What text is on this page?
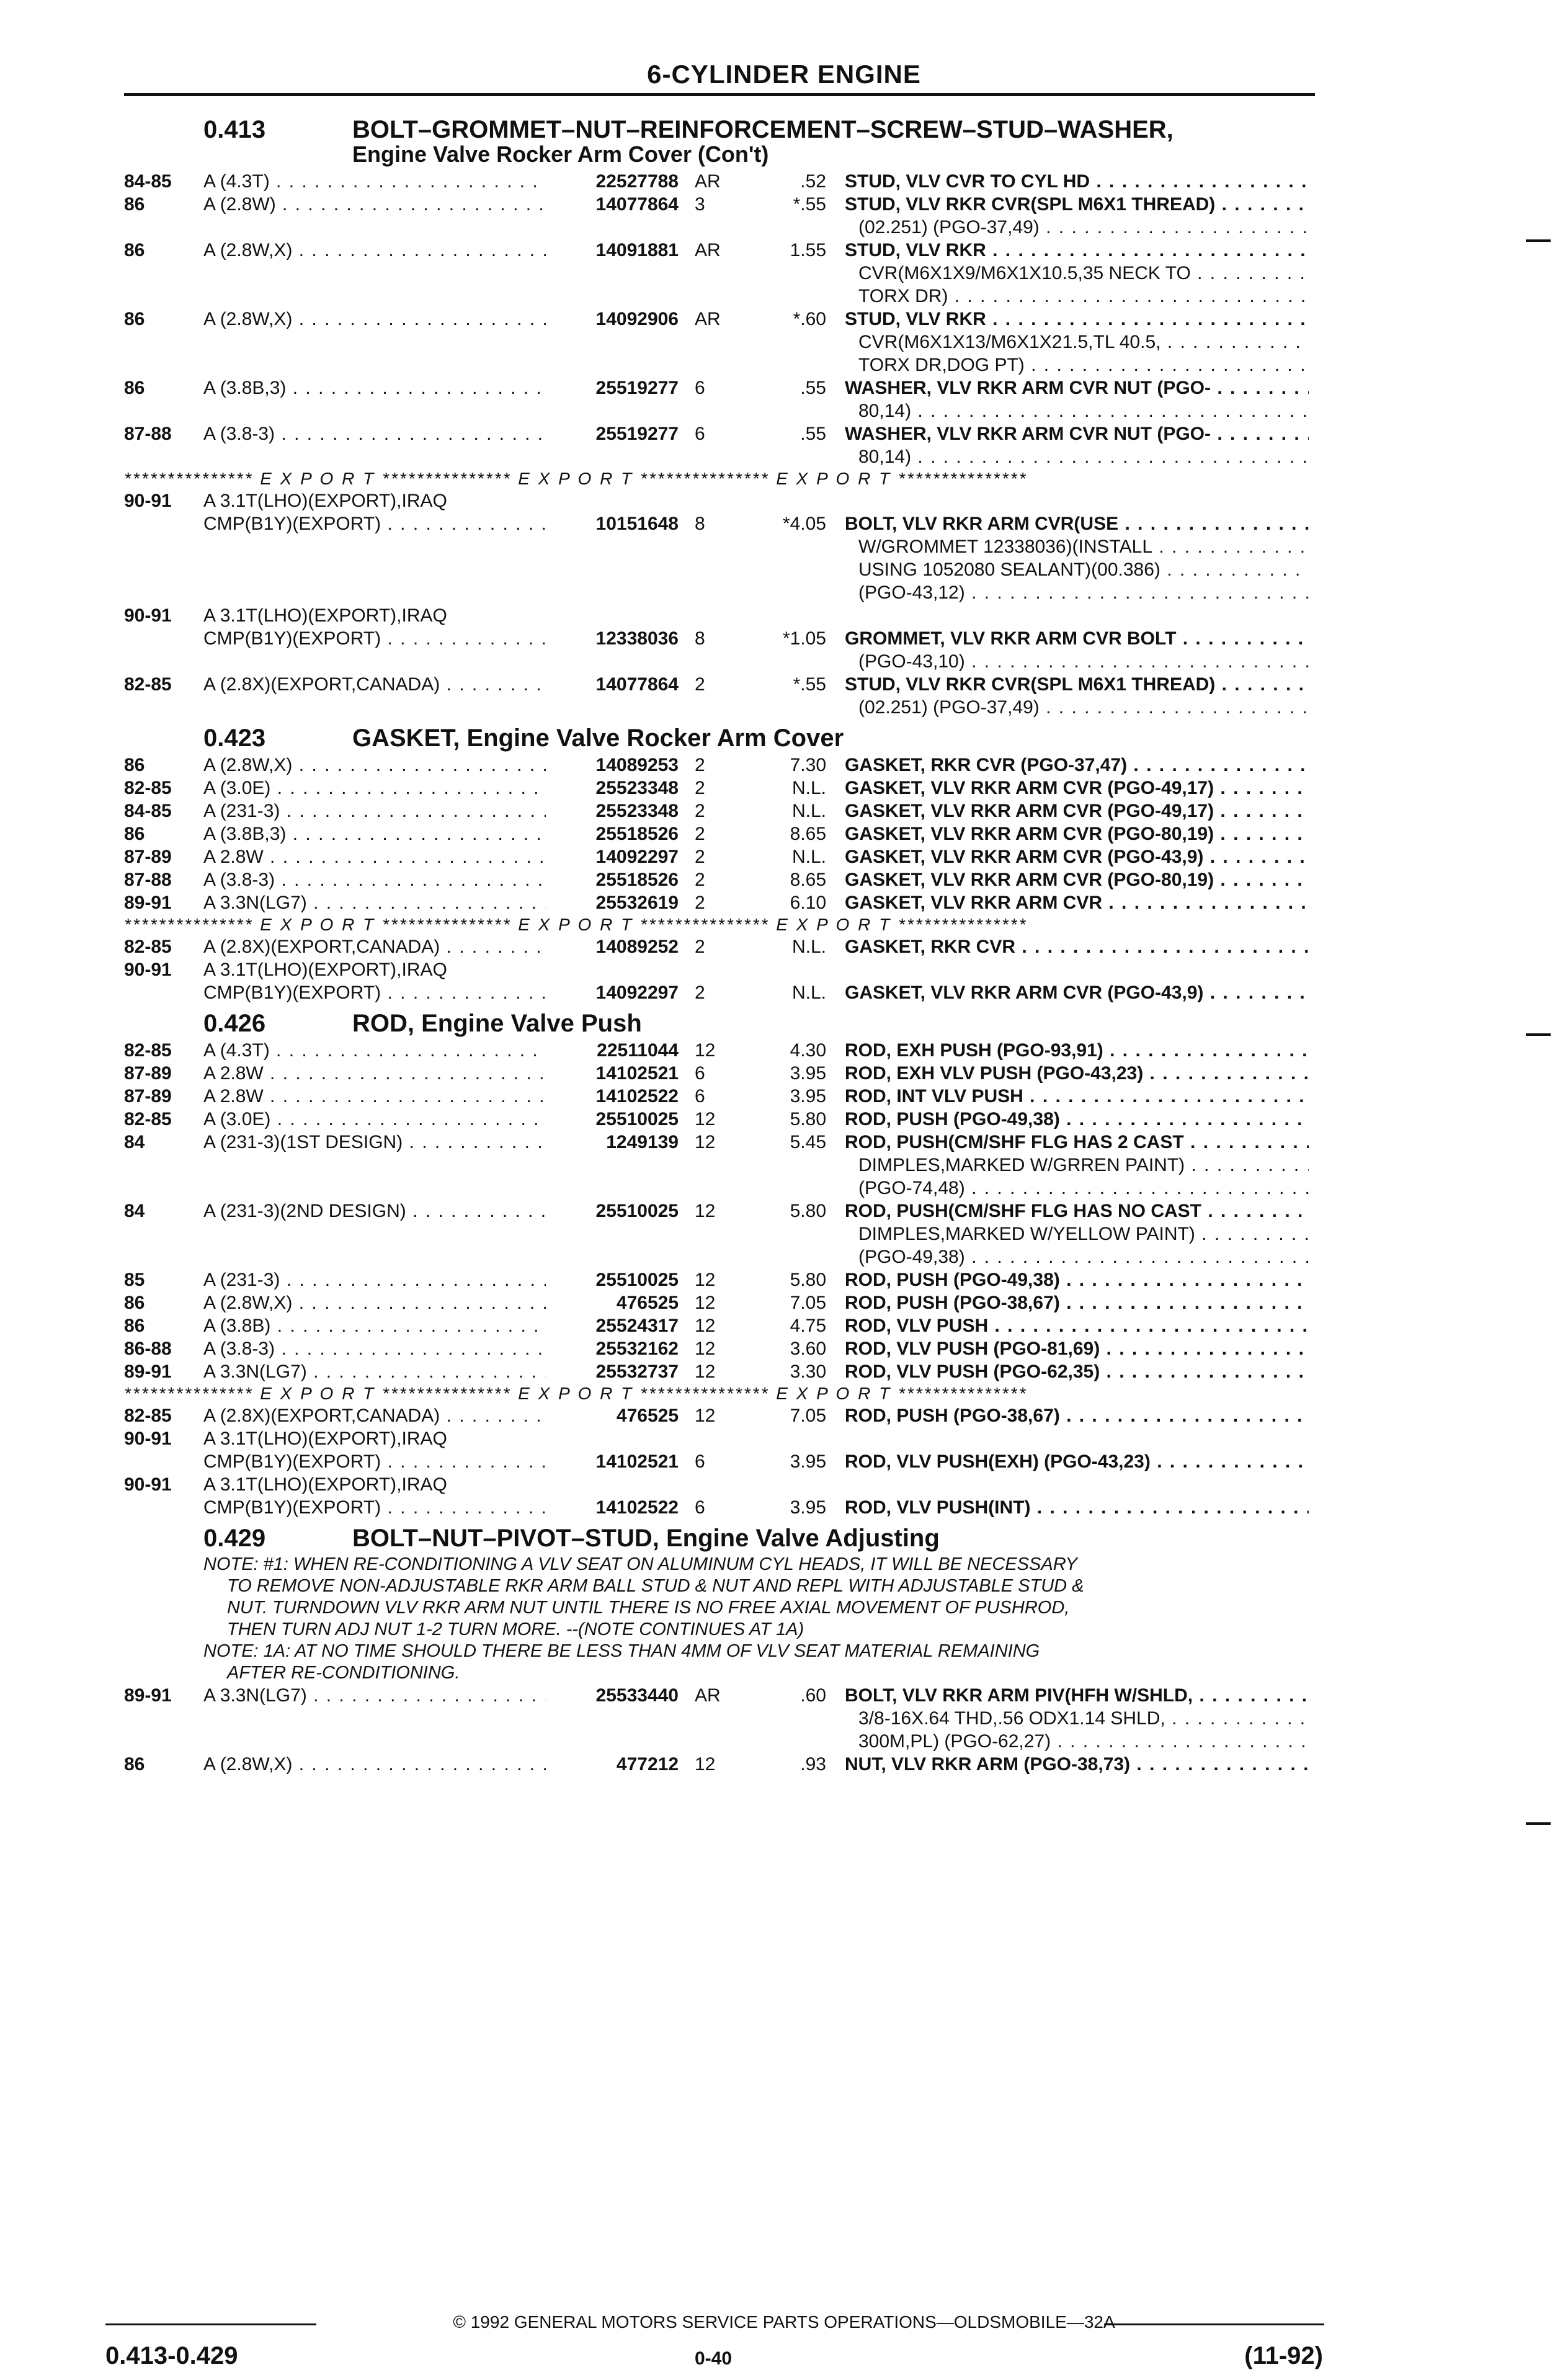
6-CYLINDER ENGINE
0.413	BOLT–GROMMET–NUT–REINFORCEMENT–SCREW–STUD–WASHER,
Engine Valve Rocker Arm Cover (Con't)
84-85	A (4.3T) . . .	22527788 AR	.52	STUD, VLV CVR TO CYL HD . . .
86	A (2.8W) . . .	14077864 3	*.55	STUD, VLV RKR CVR(SPL M6X1 THREAD) . . .
(02.251) (PGO-37,49) . . .
86	A (2.8W,X) . . .	14091881 AR	1.55	STUD, VLV RKR . . .
CVR(M6X1X9/M6X1X10.5,35 NECK TO . . .
TORX DR) . . .
86	A (2.8W,X) . . .	14092906 AR	*.60	STUD, VLV RKR . . .
CVR(M6X1X13/M6X1X21.5,TL 40.5, . . .
TORX DR,DOG PT) . . .
86	A (3.8B,3) . . .	25519277 6	.55	WASHER, VLV RKR ARM CVR NUT (PGO- . . .
80,14) . . .
87-88	A (3.8-3) . . .	25519277 6	.55	WASHER, VLV RKR ARM CVR NUT (PGO- . . .
80,14) . . .
*************** E X P O R T *************** E X P O R T *************** E X P O R T ***************
90-91	A 3.1T(LHO)(EXPORT),IRAQ
CMP(B1Y)(EXPORT) . . .	10151648 8	*4.05	BOLT, VLV RKR ARM CVR(USE . . .
W/GROMMET 12338036)(INSTALL . . .
USING 1052080 SEALANT)(00.386) . . .
(PGO-43,12) . . .
90-91	A 3.1T(LHO)(EXPORT),IRAQ
CMP(B1Y)(EXPORT) . . .	12338036 8	*1.05	GROMMET, VLV RKR ARM CVR BOLT . . .
(PGO-43,10) . . .
82-85	A (2.8X)(EXPORT,CANADA) . . .	14077864 2	*.55	STUD, VLV RKR CVR(SPL M6X1 THREAD) . . .
(02.251) (PGO-37,49) . . .
0.423	GASKET, Engine Valve Rocker Arm Cover
86	A (2.8W,X) . . .	14089253 2	7.30	GASKET, RKR CVR (PGO-37,47) . . .
82-85	A (3.0E) . . .	25523348 2	N.L.	GASKET, VLV RKR ARM CVR (PGO-49,17) . . .
84-85	A (231-3) . . .	25523348 2	N.L.	GASKET, VLV RKR ARM CVR (PGO-49,17) . . .
86	A (3.8B,3) . . .	25518526 2	8.65	GASKET, VLV RKR ARM CVR (PGO-80,19) . . .
87-89	A 2.8W . . .	14092297 2	N.L.	GASKET, VLV RKR ARM CVR (PGO-43,9) . . .
87-88	A (3.8-3) . . .	25518526 2	8.65	GASKET, VLV RKR ARM CVR (PGO-80,19) . . .
89-91	A 3.3N(LG7) . . .	25532619 2	6.10	GASKET, VLV RKR ARM CVR . . .
*************** E X P O R T *************** E X P O R T *************** E X P O R T ***************
82-85	A (2.8X)(EXPORT,CANADA) . . .	14089252 2	N.L.	GASKET, RKR CVR . . .
90-91	A 3.1T(LHO)(EXPORT),IRAQ
CMP(B1Y)(EXPORT) . . .	14092297 2	N.L.	GASKET, VLV RKR ARM CVR (PGO-43,9) . . .
0.426	ROD, Engine Valve Push
82-85	A (4.3T) . . .	22511044 12	4.30	ROD, EXH PUSH (PGO-93,91) . . .
87-89	A 2.8W . . .	14102521 6	3.95	ROD, EXH VLV PUSH (PGO-43,23) . . .
87-89	A 2.8W . . .	14102522 6	3.95	ROD, INT VLV PUSH . . .
82-85	A (3.0E) . . .	25510025 12	5.80	ROD, PUSH (PGO-49,38) . . .
84	A (231-3)(1ST DESIGN) . . .	1249139 12	5.45	ROD, PUSH(CM/SHF FLG HAS 2 CAST . . .
DIMPLES,MARKED W/GRREN PAINT) . . .
(PGO-74,48) . . .
84	A (231-3)(2ND DESIGN) . . .	25510025 12	5.80	ROD, PUSH(CM/SHF FLG HAS NO CAST . . .
DIMPLES,MARKED W/YELLOW PAINT) . . .
(PGO-49,38) . . .
85	A (231-3) . . .	25510025 12	5.80	ROD, PUSH (PGO-49,38) . . .
86	A (2.8W,X) . . .	476525 12	7.05	ROD, PUSH (PGO-38,67) . . .
86	A (3.8B) . . .	25524317 12	4.75	ROD, VLV PUSH . . .
86-88	A (3.8-3) . . .	25532162 12	3.60	ROD, VLV PUSH (PGO-81,69) . . .
89-91	A 3.3N(LG7) . . .	25532737 12	3.30	ROD, VLV PUSH (PGO-62,35) . . .
*************** E X P O R T *************** E X P O R T *************** E X P O R T ***************
82-85	A (2.8X)(EXPORT,CANADA) . . .	476525 12	7.05	ROD, PUSH (PGO-38,67) . . .
90-91	A 3.1T(LHO)(EXPORT),IRAQ
CMP(B1Y)(EXPORT) . . .	14102521 6	3.95	ROD, VLV PUSH(EXH) (PGO-43,23) . . .
90-91	A 3.1T(LHO)(EXPORT),IRAQ
CMP(B1Y)(EXPORT) . . .	14102522 6	3.95	ROD, VLV PUSH(INT) . . .
0.429	BOLT–NUT–PIVOT–STUD, Engine Valve Adjusting
NOTE: #1: WHEN RE-CONDITIONING A VLV SEAT ON ALUMINUM CYL HEADS, IT WILL BE NECESSARY
TO REMOVE NON-ADJUSTABLE RKR ARM BALL STUD & NUT AND REPL WITH ADJUSTABLE STUD &
NUT. TURNDOWN VLV RKR ARM NUT UNTIL THERE IS NO FREE AXIAL MOVEMENT OF PUSHROD,
THEN TURN ADJ NUT 1-2 TURN MORE. --(NOTE CONTINUES AT 1A)
NOTE: 1A: AT NO TIME SHOULD THERE BE LESS THAN 4MM OF VLV SEAT MATERIAL REMAINING
AFTER RE-CONDITIONING.
89-91	A 3.3N(LG7) . . .	25533440 AR	.60	BOLT, VLV RKR ARM PIV(HFH W/SHLD, . . .
3/8-16X.64 THD,.56 ODX1.14 SHLD, . . .
300M,PL) (PGO-62,27) . . .
86	A (2.8W,X) . . .	477212 12	.93	NUT, VLV RKR ARM (PGO-38,73) . . .
© 1992 GENERAL MOTORS SERVICE PARTS OPERATIONS—OLDSMOBILE—32A
0.413-0.429	0-40	(11-92)
